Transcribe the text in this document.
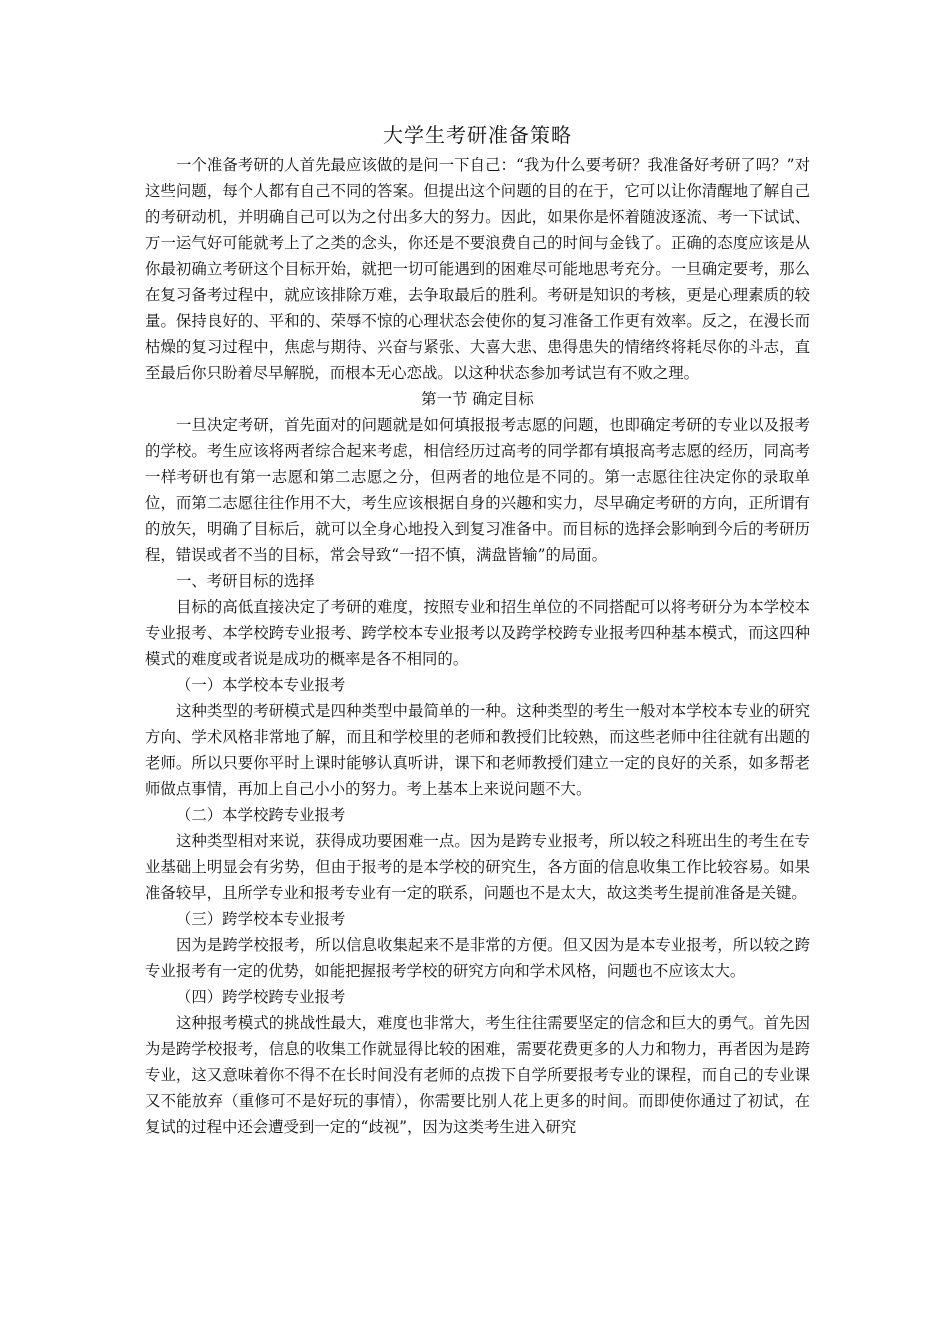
大学生考研准备策略

一个准备考研的人首先最应该做的是问一下自己：“我为什么要考研？我准备好考研了吗？”对这些问题，每个人都有自己不同的答案。但提出这个问题的目的在于，它可以让你清醒地了解自己的考研动机，并明确自己可以为之付出多大的努力。因此，如果你是怀着随波逐流、考一下试试、万一运气好可能就考上了之类的念头，你还是不要浪费自己的时间与金钱了。正确的态度应该是从你最初确立考研这个目标开始，就把一切可能遇到的困难尽可能地思考充分。一旦确定要考，那么在复习备考过程中，就应该排除万难，去争取最后的胜利。考研是知识的考核，更是心理素质的较量。保持良好的、平和的、荣辱不惊的心理状态会使你的复习准备工作更有效率。反之，在漫长而枯燥的复习过程中，焦虑与期待、兴奋与紧张、大喜大悲、患得患失的情绪终将耗尽你的斗志，直至最后你只盼着尽早解脱，而根本无心恋战。以这种状态参加考试岂有不败之理。

第一节 确定目标

一旦决定考研，首先面对的问题就是如何填报报考志愿的问题，也即确定考研的专业以及报考的学校。考生应该将两者综合起来考虑，相信经历过高考的同学都有填报高考志愿的经历，同高考一样考研也有第一志愿和第二志愿之分，但两者的地位是不同的。第一志愿往往决定你的录取单位，而第二志愿往往作用不大，考生应该根据自身的兴趣和实力，尽早确定考研的方向，正所谓有的放矢，明确了目标后，就可以全身心地投入到复习准备中。而目标的选择会影响到今后的考研历程，错误或者不当的目标，常会导致“一招不慎，满盘皆输”的局面。

一、考研目标的选择

目标的高低直接决定了考研的难度，按照专业和招生单位的不同搭配可以将考研分为本学校本专业报考、本学校跨专业报考、跨学校本专业报考以及跨学校跨专业报考四种基本模式，而这四种模式的难度或者说是成功的概率是各不相同的。

（一）本学校本专业报考

这种类型的考研模式是四种类型中最简单的一种。这种类型的考生一般对本学校本专业的研究方向、学术风格非常地了解，而且和学校里的老师和教授们比较熟，而这些老师中往往就有出题的老师。所以只要你平时上课时能够认真听讲，课下和老师教授们建立一定的良好的关系，如多帮老师做点事情，再加上自己小小的努力。考上基本上来说问题不大。

（二）本学校跨专业报考

这种类型相对来说，获得成功要困难一点。因为是跨专业报考，所以较之科班出生的考生在专业基础上明显会有劣势，但由于报考的是本学校的研究生，各方面的信息收集工作比较容易。如果准备较早，且所学专业和报考专业有一定的联系，问题也不是太大，故这类考生提前准备是关键。

（三）跨学校本专业报考

因为是跨学校报考，所以信息收集起来不是非常的方便。但又因为是本专业报考，所以较之跨专业报考有一定的优势，如能把握报考学校的研究方向和学术风格，问题也不应该太大。

（四）跨学校跨专业报考

这种报考模式的挑战性最大，难度也非常大，考生往往需要坚定的信念和巨大的勇气。首先因为是跨学校报考，信息的收集工作就显得比较的困难，需要花费更多的人力和物力，再者因为是跨专业，这又意味着你不得不在长时间没有老师的点拨下自学所要报考专业的课程，而自己的专业课又不能放弃（重修可不是好玩的事情），你需要比别人花上更多的时间。而即使你通过了初试，在复试的过程中还会遭受到一定的“歧视”，因为这类考生进入研究
